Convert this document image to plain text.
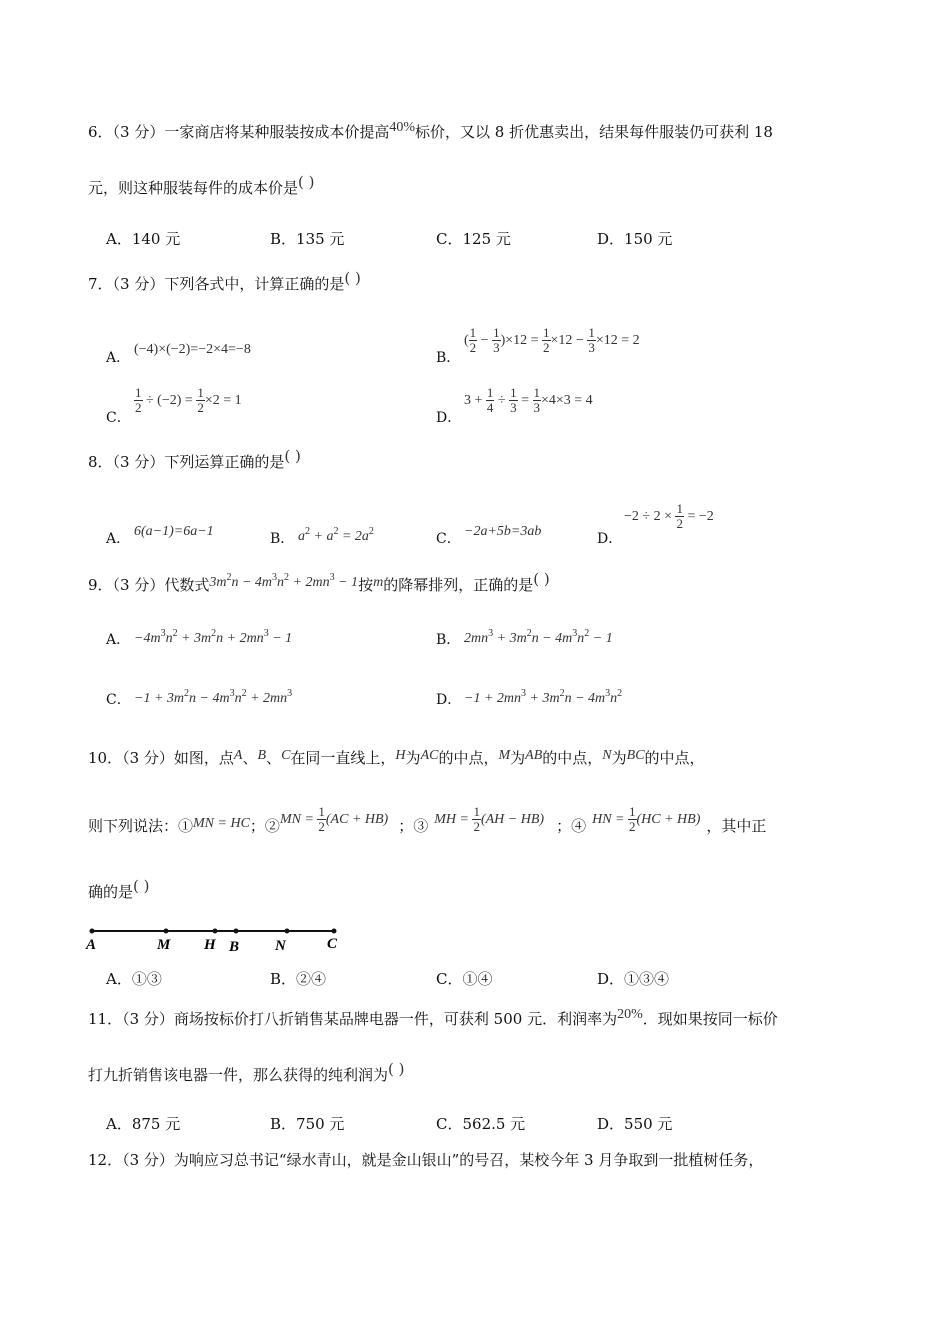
6．（3 分）一家商店将某种服装按成本价提高40%标价，又以 8 折优惠卖出，结果每件服装仍可获利 18
元，则这种服装每件的成本价是( )
A．140 元	B．135 元	C．125 元	D．150 元
7．（3 分）下列各式中，计算正确的是( )
A．
(−4)×(−2)=−2×4=−8
B．
( $\frac{1}{2} - \frac{1}{3} )\times 12 = \frac{1}{2} \times 12 - \frac{1}{3} \times 12 = 2$
C．
$\frac{1}{2} \div (-2) = \frac{1}{2} \times 2 = 1$
D．
$3 + \frac{1}{4} \div \frac{1}{3} = \frac{1}{3} \times 4\times 3 = 4$
8．（3 分）下列运算正确的是( )
A． 6(a−1)=6a−1	B． $a^2 + a^2 = 2a^2$	C． −2a+5b=3ab	D．
$-2 \div 2 \times \frac{1}{2} = -2$
9．（3 分）代数式$3m^2n - 4m^3n^2 + 2mn^3 - 1$按m的降幂排列，正确的是( )
A． $-4m^3n^2 + 3m^2n + 2mn^3 - 1$	B． $2mn^3 + 3m^2n - 4m^3n^2 - 1$
C． $-1 + 3m^2n - 4m^3n^2 + 2mn^3$	D． $-1 + 2mn^3 + 3m^2n - 4m^3n^2$
10．（3 分）如图，点A、B、C在同一直线上，H为AC的中点，M为AB的中点，N为BC的中点，
则下列说法：①MN = HC；②MN = $\frac{1}{2} (AC + HB)$ ；③ MH = $\frac{1}{2} (AH - HB)$ ；④ HN = $\frac{1}{2} (HC + HB)$ ，其中正
确的是( )
A	M H B N	C
A．①③	B．②④	C．①④	D．①③④
11．（3 分）商场按标价打八折销售某品牌电器一件，可获利 500 元．利润率为20%．现如果按同一标价
打九折销售该电器一件，那么获得的纯利润为( )
A．875 元	B．750 元	C．562.5 元	D．550 元
12．（3 分）为响应习总书记“绿水青山，就是金山银山”的号召，某校今年 3 月争取到一批植树任务，
